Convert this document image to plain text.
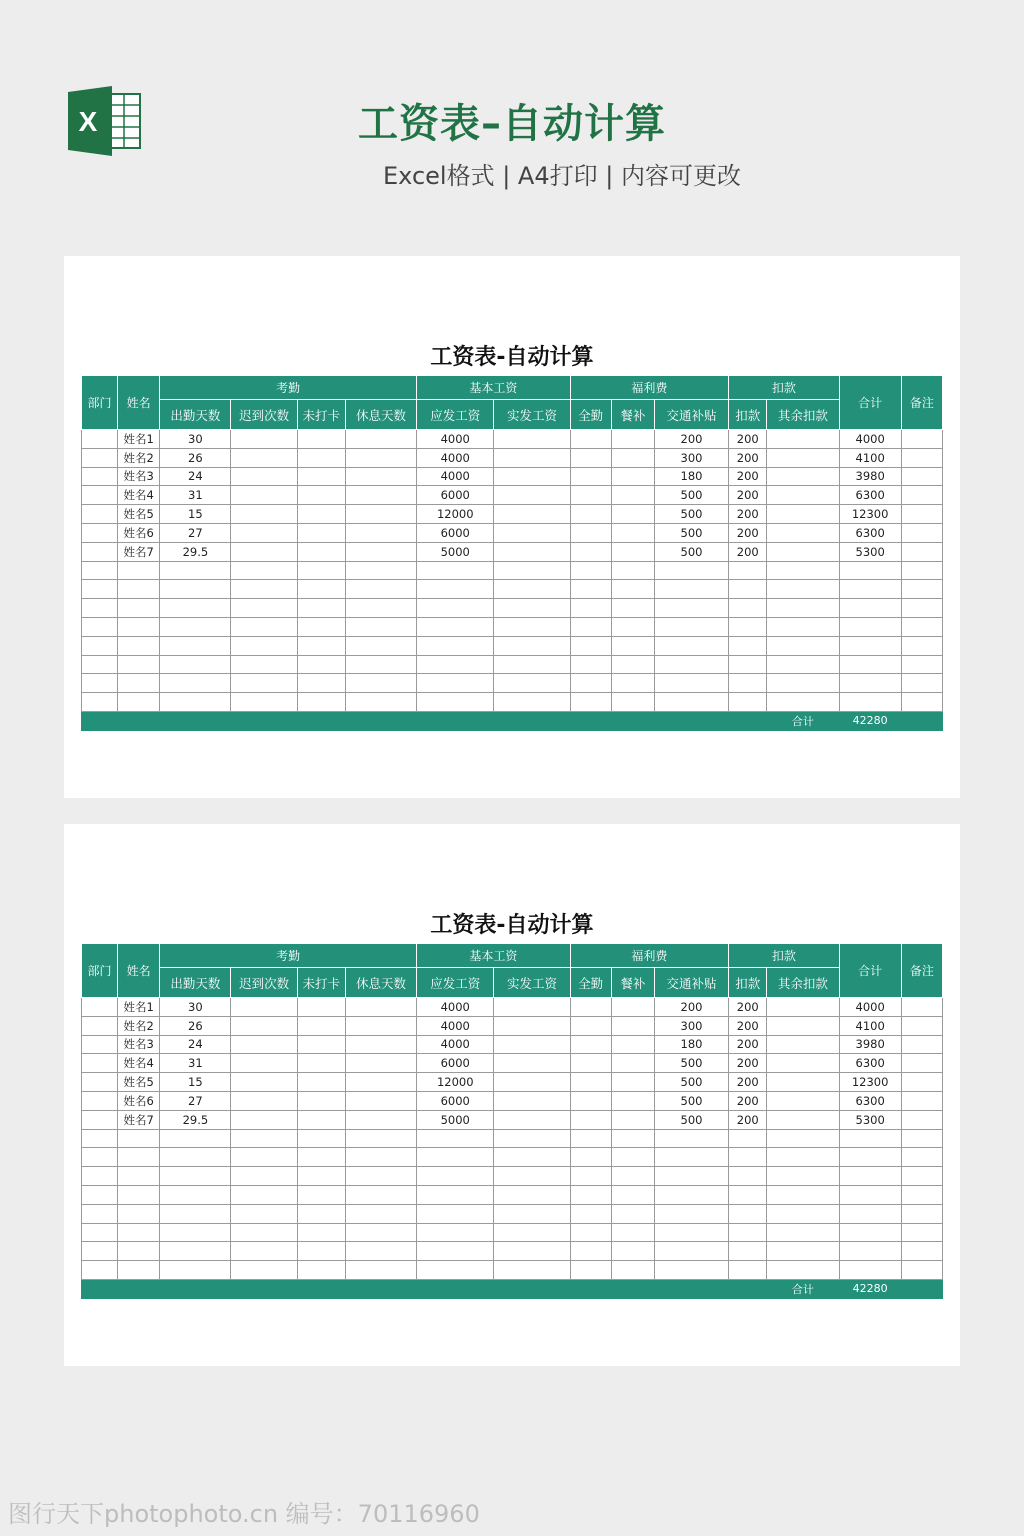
X	工资表–自动计算
Excel格式 | A4打印 | 内容可更改
工资表-自动计算
部门	姓名	考勤				基本工资		福利费			扣款		合计	备注
		出勤天数	迟到次数	未打卡	休息天数	应发工资	实发工资	全勤	餐补	交通补贴	扣款	其余扣款		
	姓名1	30				4000				200	200		4000	
	姓名2	26				4000				300	200		4100	
	姓名3	24				4000				180	200		3980	
	姓名4	31				6000				500	200		6300	
	姓名5	15				12000				500	200		12300	
	姓名6	27				6000				500	200		6300	
	姓名7	29.5				5000				500	200		5300	

												合计	42280	
工资表-自动计算
部门	姓名	考勤				基本工资		福利费			扣款		合计	备注
		出勤天数	迟到次数	未打卡	休息天数	应发工资	实发工资	全勤	餐补	交通补贴	扣款	其余扣款		
	姓名1	30				4000				200	200		4000	
	姓名2	26				4000				300	200		4100	
	姓名3	24				4000				180	200		3980	
	姓名4	31				6000				500	200		6300	
	姓名5	15				12000				500	200		12300	
	姓名6	27				6000				500	200		6300	
	姓名7	29.5				5000				500	200		5300	

												合计	42280	
图行天下photophoto.cn 编号：70116960
